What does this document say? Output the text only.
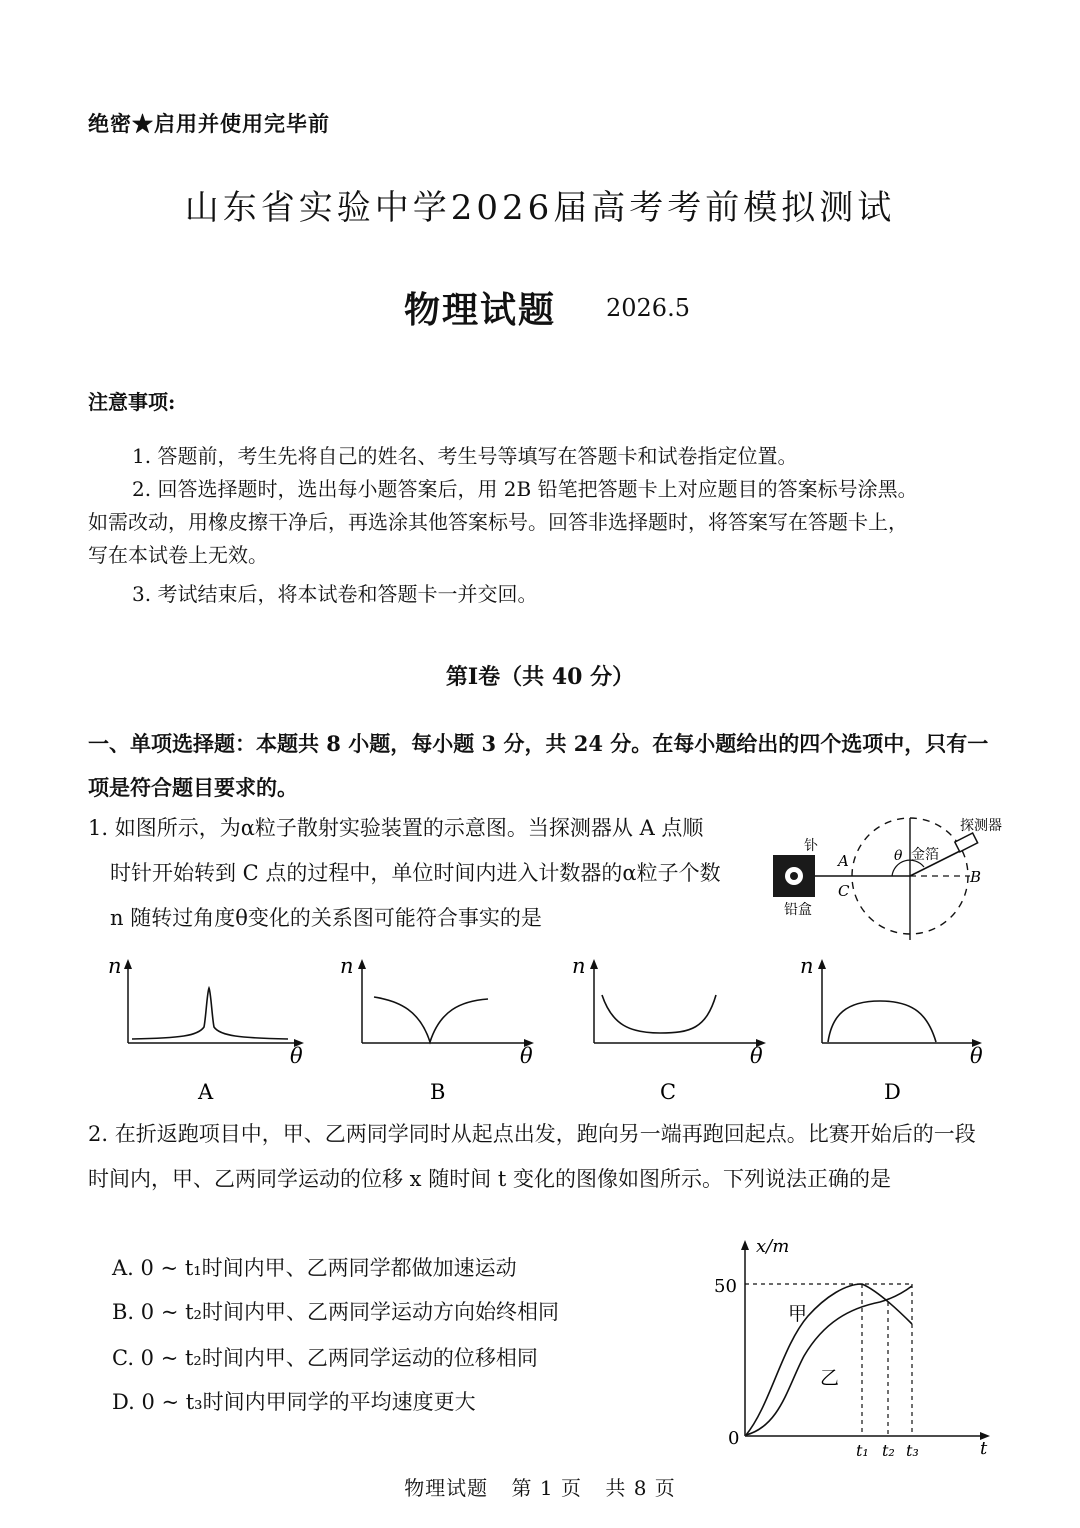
绝密★启用并使用完毕前
山东省实验中学2026届高考考前模拟测试
物理试题 2026.5
注意事项:
1. 答题前，考生先将自己的姓名、考生号等填写在答题卡和试卷指定位置。
2. 回答选择题时，选出每小题答案后，用 2B 铅笔把答题卡上对应题目的答案标号涂黑。
如需改动，用橡皮擦干净后，再选涂其他答案标号。回答非选择题时，将答案写在答题卡上，
写在本试卷上无效。
3. 考试结束后，将本试卷和答题卡一并交回。
第Ⅰ卷（共 40 分）
一、单项选择题：本题共 8 小题，每小题 3 分，共 24 分。在每小题给出的四个选项中，只有一项是符合题目要求的。
1. 如图所示，为α粒子散射实验装置的示意图。当探测器从 A 点顺
时针开始转到 C 点的过程中，单位时间内进入计数器的α粒子个数
n 随转过角度θ变化的关系图可能符合事实的是
钋
铅盒
探测器
金箔
θ
A
C
B
n
θ
A
n
θ
B
n
θ
C
n
θ
D
2. 在折返跑项目中，甲、乙两同学同时从起点出发，跑向另一端再跑回起点。比赛开始后的一段时间内，甲、乙两同学运动的位移 x 随时间 t 变化的图像如图所示。下列说法正确的是
A. 0 ~ t₁时间内甲、乙两同学都做加速运动
B. 0 ~ t₂时间内甲、乙两同学运动方向始终相同
C. 0 ~ t₂时间内甲、乙两同学运动的位移相同
D. 0 ~ t₃时间内甲同学的平均速度更大
x/m
50
0	t
t₁ t₂ t₃
甲
乙
物理试题 第 1 页 共 8 页
